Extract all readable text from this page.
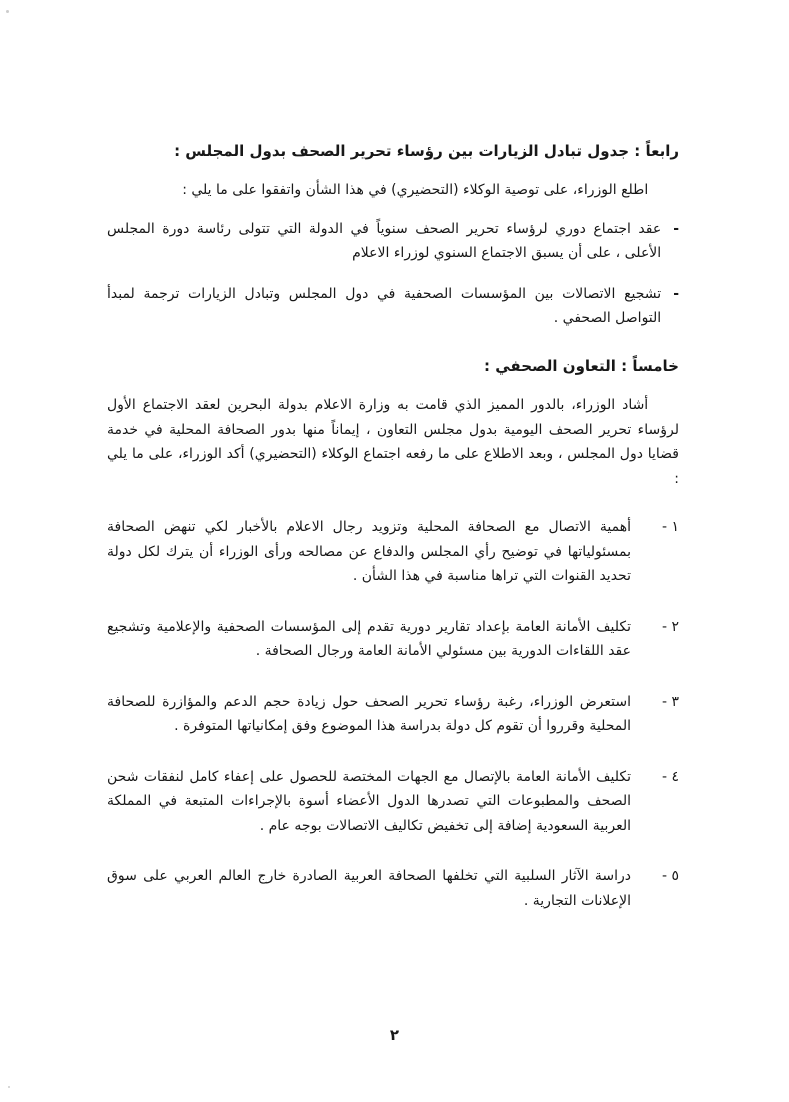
رابعاً : جدول تبادل الزيارات بين رؤساء تحرير الصحف بدول المجلس :

اطلع الوزراء، على توصية الوكلاء (التحضيري) في هذا الشأن واتفقوا على ما يلي :

-
عقد اجتماع دوري لرؤساء تحرير الصحف سنوياً في الدولة التي تتولى رئاسة دورة المجلس الأعلى ، على أن يسبق الاجتماع السنوي لوزراء الاعلام
-
تشجيع الاتصالات بين المؤسسات الصحفية في دول المجلس وتبادل الزيارات ترجمة لمبدأ التواصل الصحفي .
خامساً : التعاون الصحفي :

أشاد الوزراء، بالدور المميز الذي قامت به وزارة الاعلام بدولة البحرين لعقد الاجتماع الأول لرؤساء تحرير الصحف اليومية بدول مجلس التعاون ، إيماناً منها بدور الصحافة المحلية في خدمة قضايا دول المجلس ، وبعد الاطلاع على ما رفعه اجتماع الوكلاء (التحضيري) أكد الوزراء، على ما يلي :

١ -
أهمية الاتصال مع الصحافة المحلية وتزويد رجال الاعلام بالأخبار لكي تنهض الصحافة بمسئولياتها في توضيح رأي المجلس والدفاع عن مصالحه ورأى الوزراء أن يترك لكل دولة تحديد القنوات التي تراها مناسبة في هذا الشأن .
٢ -
تكليف الأمانة العامة بإعداد تقارير دورية تقدم إلى المؤسسات الصحفية والإعلامية وتشجيع عقد اللقاءات الدورية بين مسئولي الأمانة العامة ورجال الصحافة .
٣ -
استعرض الوزراء، رغبة رؤساء تحرير الصحف حول زيادة حجم الدعم والمؤازرة للصحافة المحلية وقرروا أن تقوم كل دولة بدراسة هذا الموضوع وفق إمكانياتها المتوفرة .
٤ -
تكليف الأمانة العامة بالإتصال مع الجهات المختصة للحصول على إعفاء كامل لنفقات شحن الصحف والمطبوعات التي تصدرها الدول الأعضاء أسوة بالإجراءات المتبعة في المملكة العربية السعودية إضافة إلى تخفيض تكاليف الاتصالات بوجه عام .
٥ -
دراسة الآثار السلبية التي تخلفها الصحافة العربية الصادرة خارج العالم العربي على سوق الإعلانات التجارية .
٢
